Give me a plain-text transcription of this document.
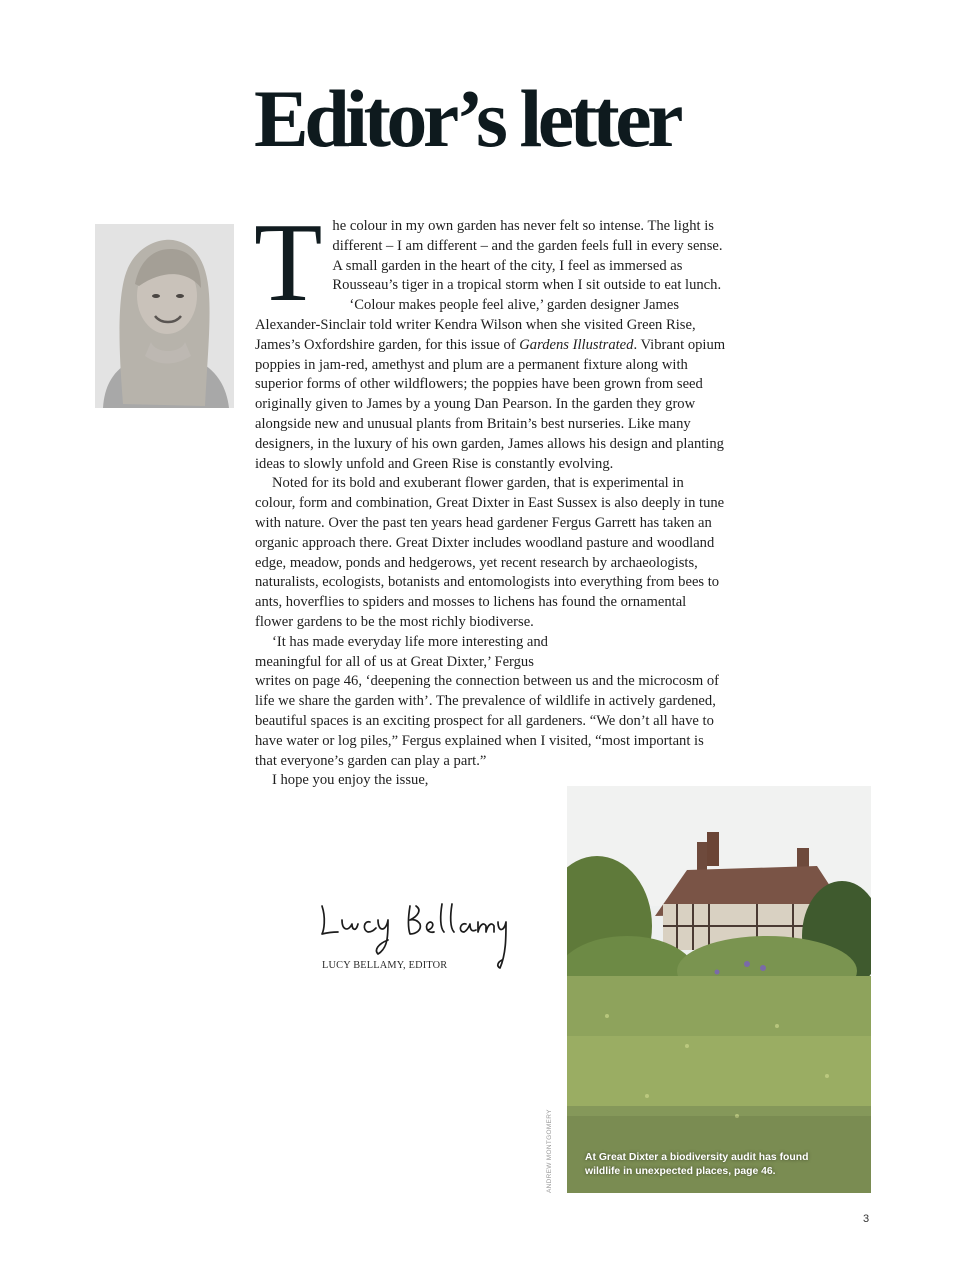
Editor’s letter

The colour in my own garden has never felt so intense. The light is different – I am different – and the garden feels full in every sense. A small garden in the heart of the city, I feel as immersed as Rousseau’s tiger in a tropical storm when I sit outside to eat lunch.

‘Colour makes people feel alive,’ garden designer James Alexander-Sinclair told writer Kendra Wilson when she visited Green Rise, James’s Oxfordshire garden, for this issue of Gardens Illustrated. Vibrant opium poppies in jam-red, amethyst and plum are a permanent fixture along with superior forms of other wildflowers; the poppies have been grown from seed originally given to James by a young Dan Pearson. In the garden they grow alongside new and unusual plants from Britain’s best nurseries. Like many designers, in the luxury of his own garden, James allows his design and planting ideas to slowly unfold and Green Rise is constantly evolving.

Noted for its bold and exuberant flower garden, that is experimental in colour, form and combination, Great Dixter in East Sussex is also deeply in tune with nature. Over the past ten years head gardener Fergus Garrett has taken an organic approach there. Great Dixter includes woodland pasture and woodland edge, meadow, ponds and hedgerows, yet recent research by archaeologists, naturalists, ecologists, botanists and entomologists into everything from bees to ants, hoverflies to spiders and mosses to lichens has found the ornamental flower gardens to be the most richly biodiverse.

‘It has made everyday life more interesting and meaningful for all of us at Great Dixter,’ Fergus writes on page 46, ‘deepening the connection between us and the microcosm of life we share the garden with’. The prevalence of wildlife in actively gardened, beautiful spaces is an exciting prospect for all gardeners. “We don’t all have to have water or log piles,” Fergus explained when I visited, “most important is that everyone’s garden can play a part.”

I hope you enjoy the issue,

At Great Dixter a biodiversity audit has found wildlife in unexpected places, page 46.
ANDREW MONTGOMERY
LUCY BELLAMY, EDITOR
3
